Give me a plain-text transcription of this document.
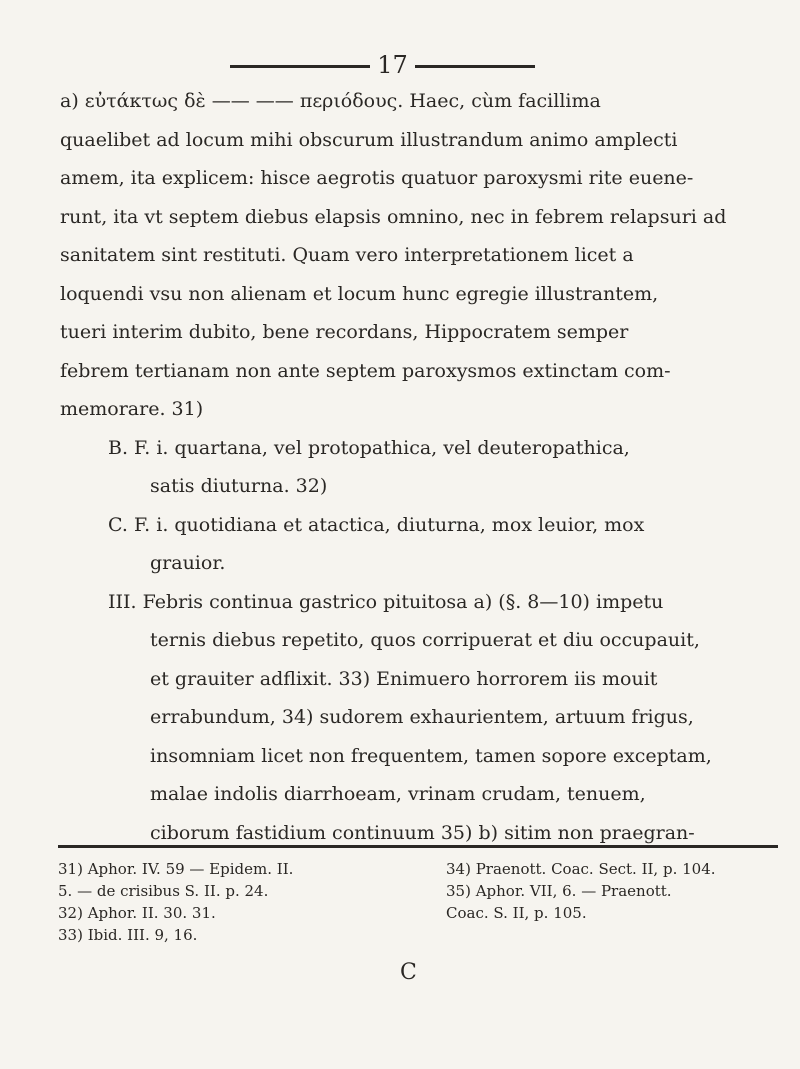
17
a) εὐτάκτως δὲ —— —— περιόδους. Haec, cùm facillima
quaelibet ad locum mihi obscurum illustrandum animo amplecti
amem, ita explicem: hisce aegrotis quatuor paroxysmi rite euene-
runt, ita vt septem diebus elapsis omnino, nec in febrem relapsuri ad
sanitatem sint restituti. Quam vero interpretationem licet a
loquendi vsu non alienam et locum hunc egregie illustrantem,
tueri interim dubito, bene recordans, Hippocratem semper
febrem tertianam non ante septem paroxysmos extinctam com-
memorare. 31)
B. F. i. quartana, vel protopathica, vel deuteropathica,
satis diuturna. 32)
C. F. i. quotidiana et atactica, diuturna, mox leuior, mox
grauior.
III. Febris continua gastrico pituitosa a) (§. 8—10) impetu
ternis diebus repetito, quos corripuerat et diu occupauit,
et grauiter adflixit. 33) Enimuero horrorem iis mouit
errabundum, 34) sudorem exhaurientem, artuum frigus,
insomniam licet non frequentem, tamen sopore exceptam,
malae indolis diarrhoeam, vrinam crudam, tenuem,
ciborum fastidium continuum 35) b) sitim non praegran-
31) Aphor. IV. 59 — Epidem. II.
5. — de crisibus S. II. p. 24.
32) Aphor. II. 30. 31.
33) Ibid. III. 9, 16.
34) Praenott. Coac. Sect. II, p. 104.
35) Aphor. VII, 6. — Praenott.
Coac. S. II, p. 105.
C
